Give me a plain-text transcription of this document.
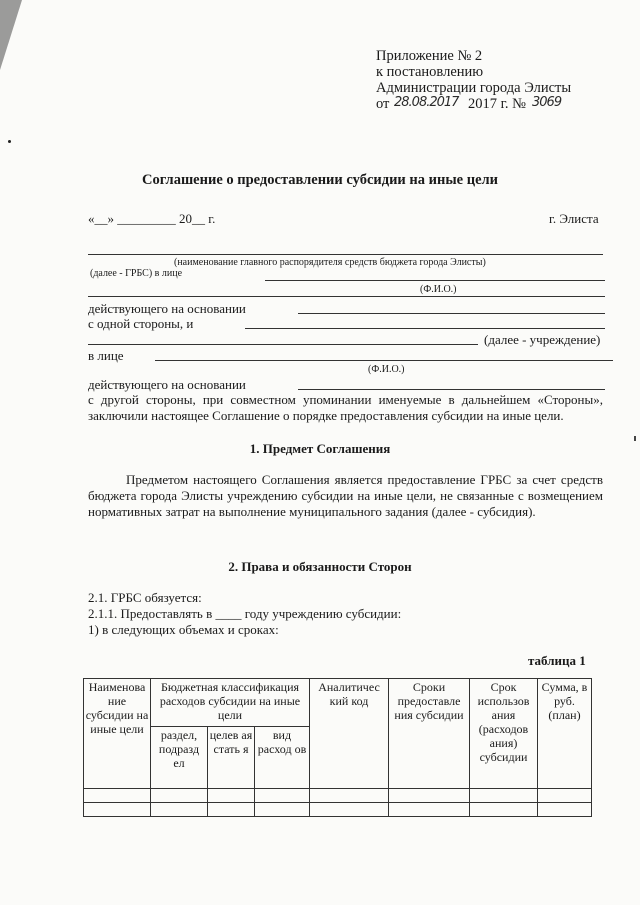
Приложение № 2
к постановлению
Администрации города Элисты
от 28.08.2017 2017 г. № 3069
Соглашение о предоставлении субсидии на иные цели
«__» _________ 20__ г.	г. Элиста
(наименование главного распорядителя средств бюджета города Элисты)
(далее - ГРБС) в лице
(Ф.И.О.)
действующего на основании
с одной стороны, и
(далее - учреждение)
в лице
(Ф.И.О.)
действующего на основании
с другой стороны, при совместном упоминании именуемые в дальнейшем «Стороны», заключили настоящее Соглашение о порядке предоставления субсидии на иные цели.
1. Предмет Соглашения
Предметом настоящего Соглашения является предоставление ГРБС за счет средств бюджета города Элисты учреждению субсидии на иные цели, не связанные с возмещением нормативных затрат на выполнение муниципального задания (далее - субсидия).
2. Права и обязанности Сторон
2.1. ГРБС обязуется:
2.1.1. Предоставлять в ____ году учреждению субсидии:
1) в следующих объемах и сроках:
таблица 1
Наименова ние субсидии на иные цели	Бюджетная классификация расходов субсидии на иные цели			Аналитичес кий код	Сроки предоставле ния субсидии	Срок использов ания (расходов ания) субсидии	Сумма, в руб. (план)
	раздел, подразд ел	целев ая стать я	вид расход ов				
